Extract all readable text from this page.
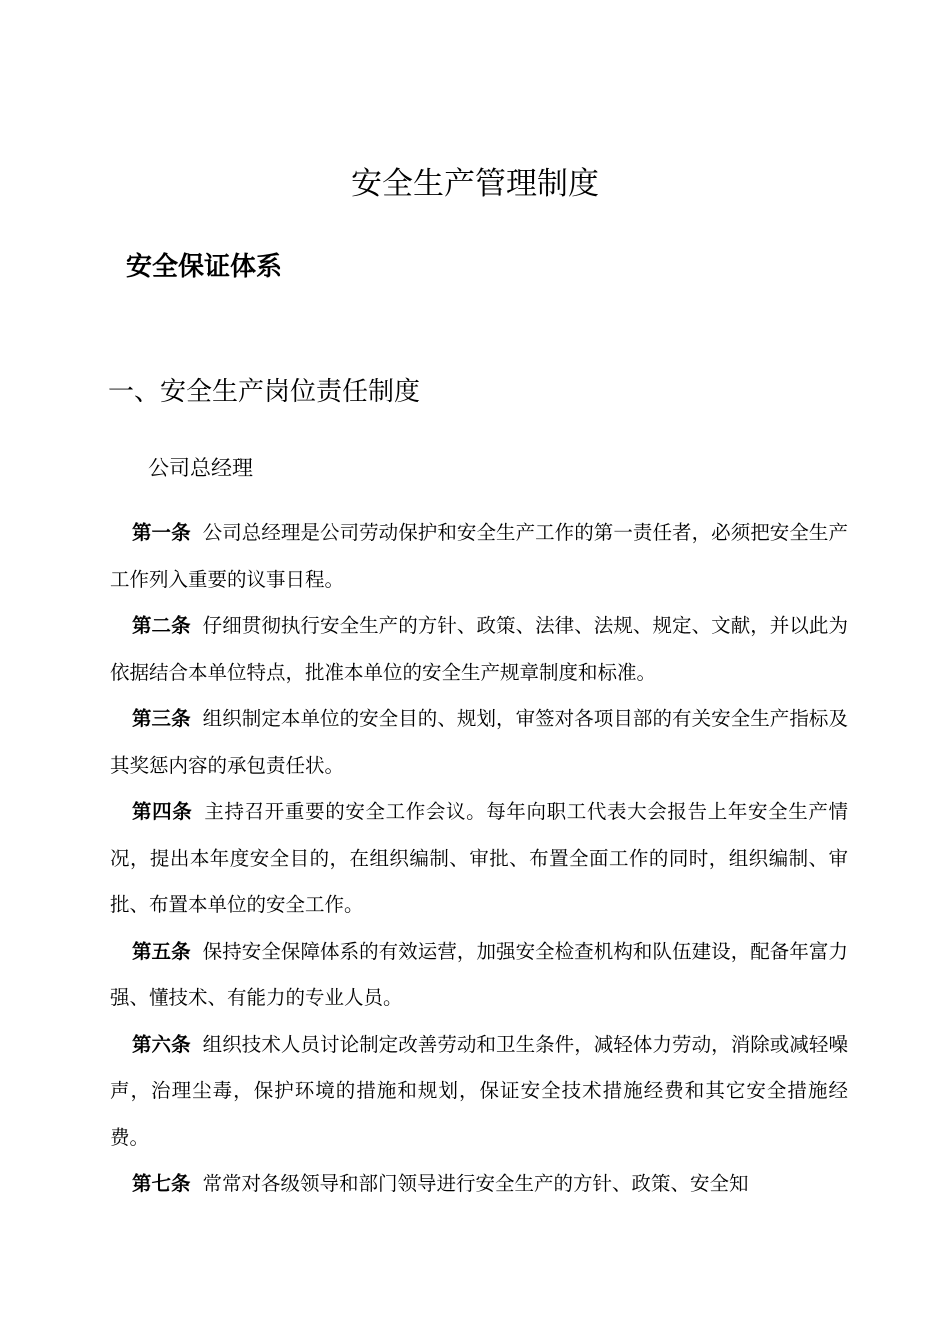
安全生产管理制度
安全保证体系
一、安全生产岗位责任制度
公司总经理

第一条 公司总经理是公司劳动保护和安全生产工作的第一责任者，必须把安全生产工作列入重要的议事日程。

第二条 仔细贯彻执行安全生产的方针、政策、法律、法规、规定、文献，并以此为依据结合本单位特点，批准本单位的安全生产规章制度和标准。

第三条 组织制定本单位的安全目的、规划，审签对各项目部的有关安全生产指标及其奖惩内容的承包责任状。

第四条 主持召开重要的安全工作会议。每年向职工代表大会报告上年安全生产情况，提出本年度安全目的，在组织编制、审批、布置全面工作的同时，组织编制、审批、布置本单位的安全工作。

第五条 保持安全保障体系的有效运营，加强安全检查机构和队伍建设，配备年富力强、懂技术、有能力的专业人员。

第六条 组织技术人员讨论制定改善劳动和卫生条件，减轻体力劳动，消除或减轻噪声，治理尘毒，保护环境的措施和规划，保证安全技术措施经费和其它安全措施经费。

第七条 常常对各级领导和部门领导进行安全生产的方针、政策、安全知
